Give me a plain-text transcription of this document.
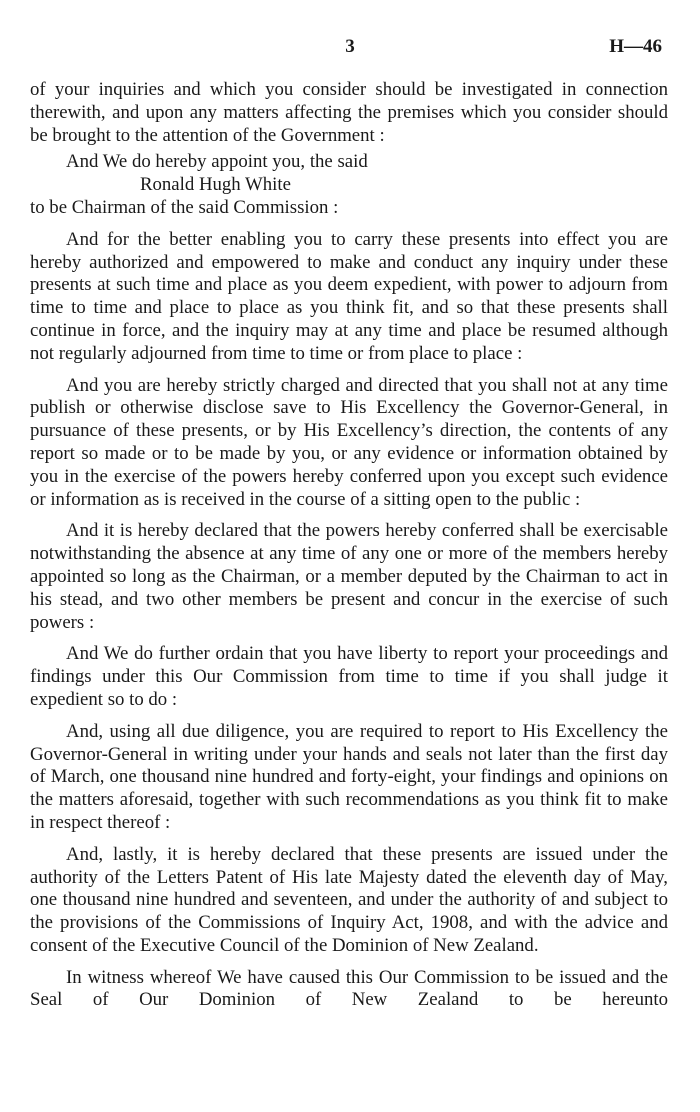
3	H—46

of your inquiries and which you consider should be investigated in connection therewith, and upon any matters affecting the premises which you consider should be brought to the attention of the Government :

And We do hereby appoint you, the said

Ronald Hugh White

to be Chairman of the said Commission :

And for the better enabling you to carry these presents into effect you are hereby authorized and empowered to make and conduct any inquiry under these presents at such time and place as you deem expedient, with power to adjourn from time to time and place to place as you think fit, and so that these presents shall continue in force, and the inquiry may at any time and place be resumed although not regularly adjourned from time to time or from place to place :

And you are hereby strictly charged and directed that you shall not at any time publish or otherwise disclose save to His Excellency the Governor-General, in pursuance of these presents, or by His Excellency’s direction, the contents of any report so made or to be made by you, or any evidence or information obtained by you in the exercise of the powers hereby conferred upon you except such evidence or information as is received in the course of a sitting open to the public :

And it is hereby declared that the powers hereby conferred shall be exercisable notwithstanding the absence at any time of any one or more of the members hereby appointed so long as the Chairman, or a member deputed by the Chairman to act in his stead, and two other members be present and concur in the exercise of such powers :

And We do further ordain that you have liberty to report your proceedings and findings under this Our Commission from time to time if you shall judge it expedient so to do :

And, using all due diligence, you are required to report to His Excellency the Governor-General in writing under your hands and seals not later than the first day of March, one thousand nine hundred and forty-eight, your findings and opinions on the matters aforesaid, together with such recommendations as you think fit to make in respect thereof :

And, lastly, it is hereby declared that these presents are issued under the authority of the Letters Patent of His late Majesty dated the eleventh day of May, one thousand nine hundred and seventeen, and under the authority of and subject to the provisions of the Commissions of Inquiry Act, 1908, and with the advice and consent of the Executive Council of the Dominion of New Zealand.

In witness whereof We have caused this Our Commission to be issued and the Seal of Our Dominion of New Zealand to be hereunto
